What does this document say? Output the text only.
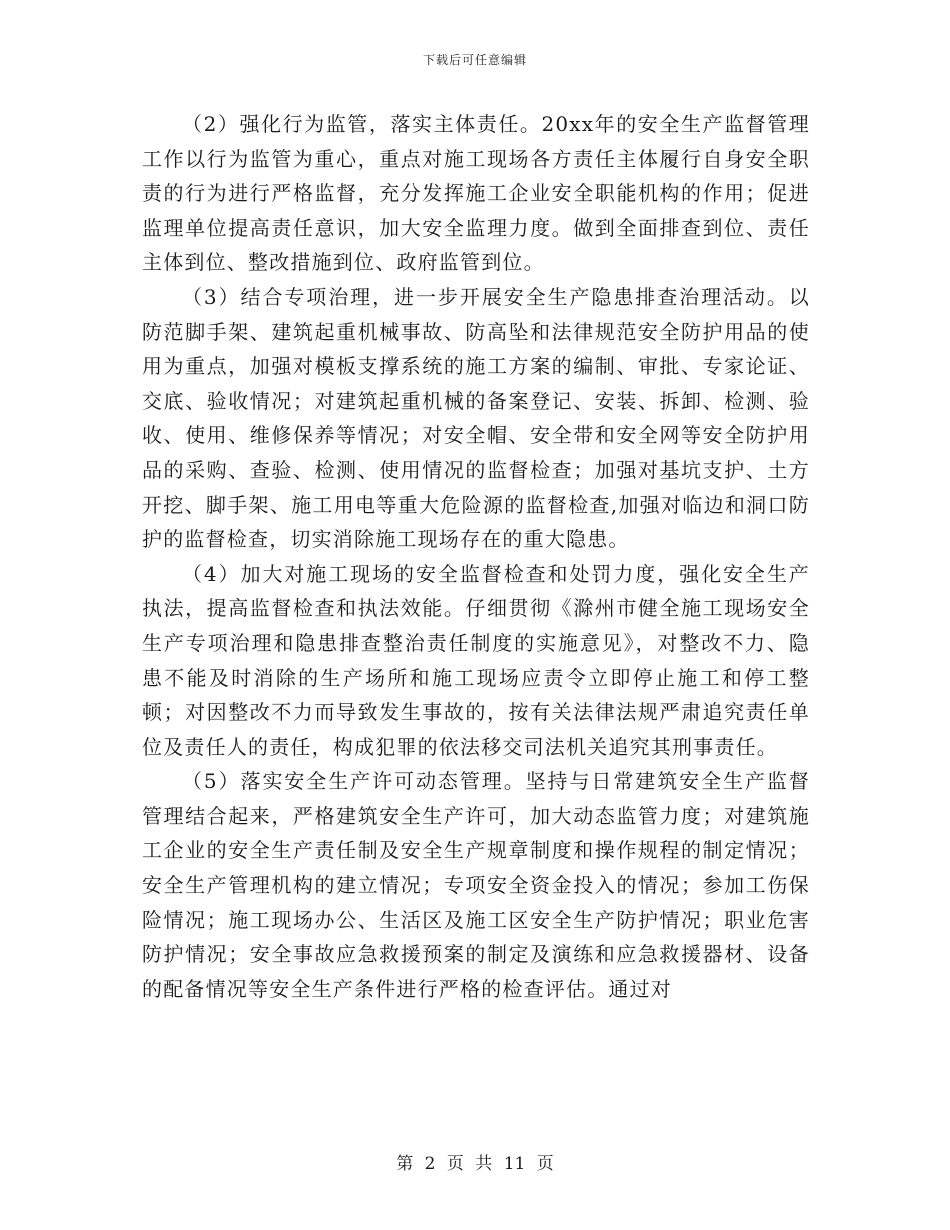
下载后可任意编辑

（2）强化行为监管，落实主体责任。20xx年的安全生产监督管理工作以行为监管为重心，重点对施工现场各方责任主体履行自身安全职责的行为进行严格监督，充分发挥施工企业安全职能机构的作用；促进监理单位提高责任意识，加大安全监理力度。做到全面排查到位、责任主体到位、整改措施到位、政府监管到位。

（3）结合专项治理，进一步开展安全生产隐患排查治理活动。以防范脚手架、建筑起重机械事故、防高坠和法律规范安全防护用品的使用为重点，加强对模板支撑系统的施工方案的编制、审批、专家论证、交底、验收情况；对建筑起重机械的备案登记、安装、拆卸、检测、验收、使用、维修保养等情况；对安全帽、安全带和安全网等安全防护用品的采购、查验、检测、使用情况的监督检查；加强对基坑支护、土方开挖、脚手架、施工用电等重大危险源的监督检查,加强对临边和洞口防护的监督检查，切实消除施工现场存在的重大隐患。

（4）加大对施工现场的安全监督检查和处罚力度，强化安全生产执法，提高监督检查和执法效能。仔细贯彻《滁州市健全施工现场安全生产专项治理和隐患排查整治责任制度的实施意见》，对整改不力、隐患不能及时消除的生产场所和施工现场应责令立即停止施工和停工整顿；对因整改不力而导致发生事故的，按有关法律法规严肃追究责任单位及责任人的责任，构成犯罪的依法移交司法机关追究其刑事责任。

（5）落实安全生产许可动态管理。坚持与日常建筑安全生产监督管理结合起来，严格建筑安全生产许可，加大动态监管力度；对建筑施工企业的安全生产责任制及安全生产规章制度和操作规程的制定情况；安全生产管理机构的建立情况；专项安全资金投入的情况；参加工伤保险情况；施工现场办公、生活区及施工区安全生产防护情况；职业危害防护情况；安全事故应急救援预案的制定及演练和应急救援器材、设备的配备情况等安全生产条件进行严格的检查评估。通过对

第 2 页 共 11 页
